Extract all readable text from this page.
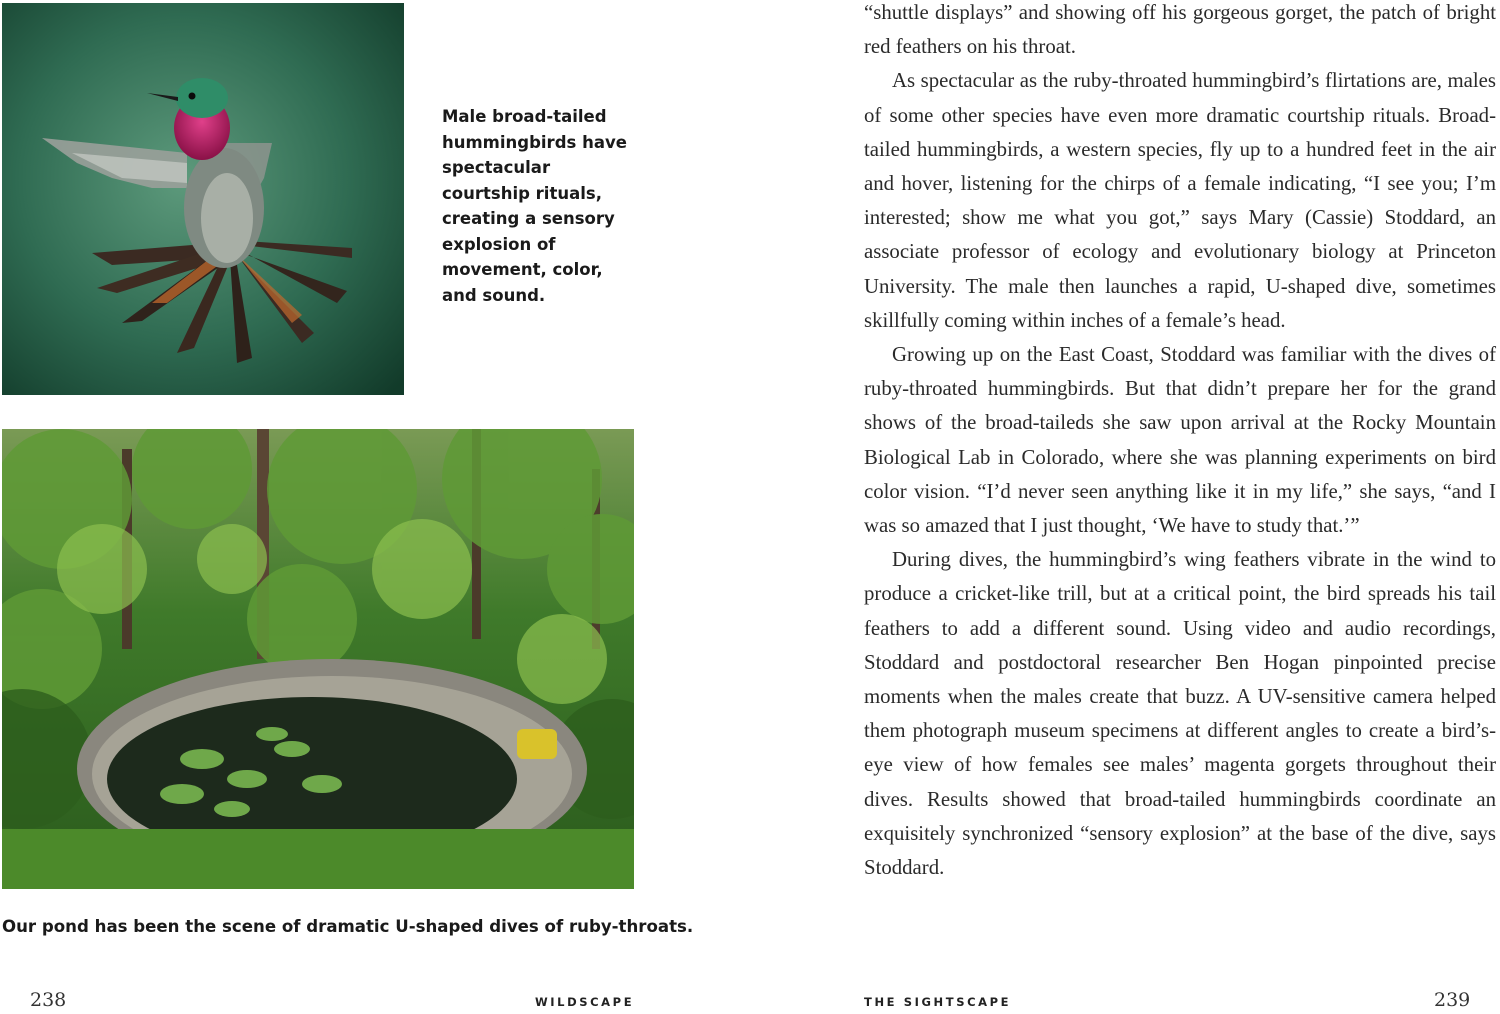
Male broad-tailed hummingbirds have spectacular courtship rituals, creating a sensory explosion of movement, color, and sound.
Our pond has been the scene of dramatic U-shaped dives of ruby-throats.
238	WILDSCAPE

“shuttle displays” and showing off his gorgeous gorget, the patch of bright red feathers on his throat.

As spectacular as the ruby-throated hummingbird’s flirtations are, males of some other species have even more dramatic courtship rituals. Broad-tailed hummingbirds, a western species, fly up to a hundred feet in the air and hover, listening for the chirps of a female indicating, “I see you; I’m interested; show me what you got,” says Mary (Cassie) Stoddard, an associate professor of ecology and evolutionary biology at Princeton University. The male then launches a rapid, U-shaped dive, sometimes skillfully coming within inches of a female’s head.

Growing up on the East Coast, Stoddard was familiar with the dives of ruby-throated hummingbirds. But that didn’t prepare her for the grand shows of the broad-taileds she saw upon arrival at the Rocky Mountain Biological Lab in Colorado, where she was planning experiments on bird color vision. “I’d never seen anything like it in my life,” she says, “and I was so amazed that I just thought, ‘We have to study that.’”

During dives, the hummingbird’s wing feathers vibrate in the wind to produce a cricket-like trill, but at a critical point, the bird spreads his tail feathers to add a different sound. Using video and audio recordings, Stoddard and postdoctoral researcher Ben Hogan pinpointed precise moments when the males create that buzz. A UV-sensitive camera helped them photograph museum specimens at different angles to create a bird’s-eye view of how females see males’ magenta gorgets throughout their dives. Results showed that broad-tailed hummingbirds coordinate an exquisitely synchronized “sensory explosion” at the base of the dive, says Stoddard.

THE SIGHTSCAPE	239
